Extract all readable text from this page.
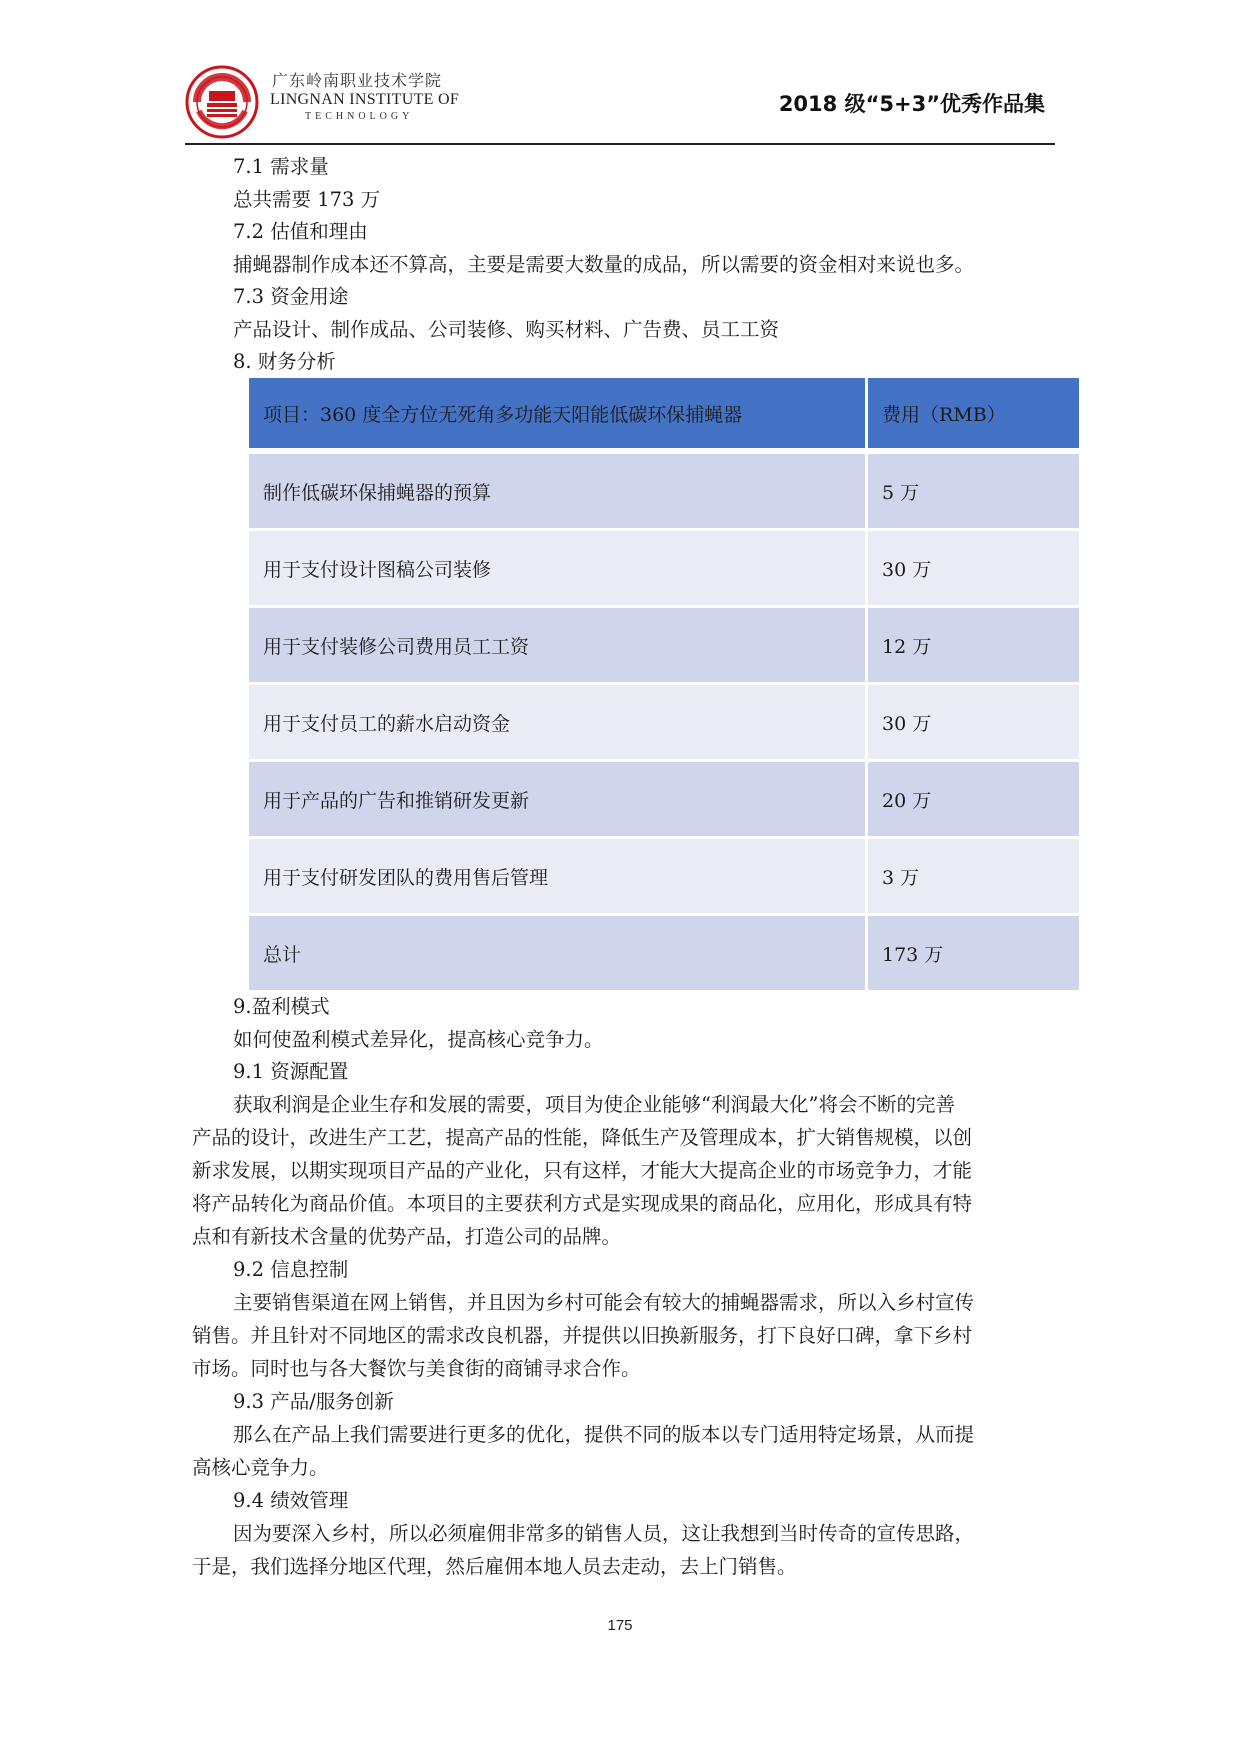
广东岭南职业技术学院
LINGNAN INSTITUTE OF
TECHNOLOGY
2018 级“5+3”优秀作品集
7.1 需求量
总共需要 173 万
7.2 估值和理由
捕蝇器制作成本还不算高，主要是需要大数量的成品，所以需要的资金相对来说也多。
7.3 资金用途
产品设计、制作成品、公司装修、购买材料、广告费、员工工资
8. 财务分析
项目：360 度全方位无死角多功能天阳能低碳环保捕蝇器	费用（RMB）
制作低碳环保捕蝇器的预算	5 万
用于支付设计图稿公司装修	30 万
用于支付装修公司费用员工工资	12 万
用于支付员工的薪水启动资金	30 万
用于产品的广告和推销研发更新	20 万
用于支付研发团队的费用售后管理	3 万
总计	173 万
9.盈利模式
如何使盈利模式差异化，提高核心竞争力。
9.1 资源配置
获取利润是企业生存和发展的需要，项目为使企业能够“利润最大化”将会不断的完善
产品的设计，改进生产工艺，提高产品的性能，降低生产及管理成本，扩大销售规模，以创
新求发展，以期实现项目产品的产业化，只有这样，才能大大提高企业的市场竞争力，才能
将产品转化为商品价值。本项目的主要获利方式是实现成果的商品化，应用化，形成具有特
点和有新技术含量的优势产品，打造公司的品牌。
9.2 信息控制
主要销售渠道在网上销售，并且因为乡村可能会有较大的捕蝇器需求，所以入乡村宣传
销售。并且针对不同地区的需求改良机器，并提供以旧换新服务，打下良好口碑，拿下乡村
市场。同时也与各大餐饮与美食街的商铺寻求合作。
9.3 产品/服务创新
那么在产品上我们需要进行更多的优化，提供不同的版本以专门适用特定场景，从而提
高核心竞争力。
9.4 绩效管理
因为要深入乡村，所以必须雇佣非常多的销售人员，这让我想到当时传奇的宣传思路，
于是，我们选择分地区代理，然后雇佣本地人员去走动，去上门销售。
175
